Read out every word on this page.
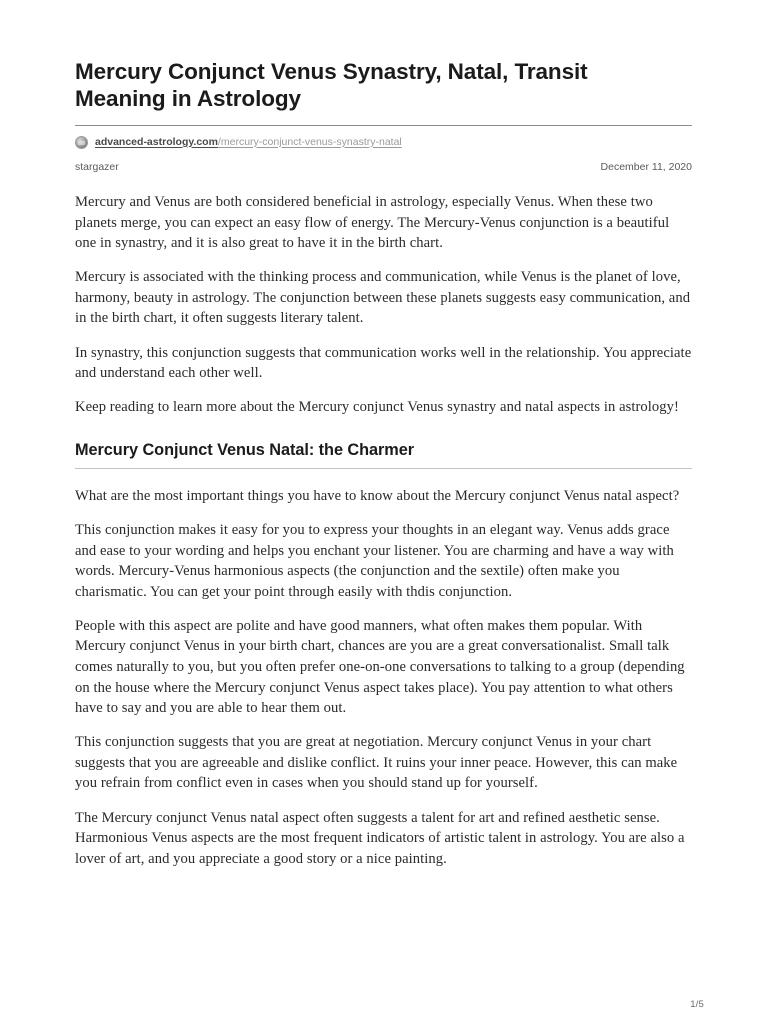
Mercury Conjunct Venus Synastry, Natal, Transit Meaning in Astrology
advanced-astrology.com/mercury-conjunct-venus-synastry-natal
stargazer	December 11, 2020

Mercury and Venus are both considered beneficial in astrology, especially Venus. When these two planets merge, you can expect an easy flow of energy. The Mercury-Venus conjunction is a beautiful one in synastry, and it is also great to have it in the birth chart.

Mercury is associated with the thinking process and communication, while Venus is the planet of love, harmony, beauty in astrology. The conjunction between these planets suggests easy communication, and in the birth chart, it often suggests literary talent.

In synastry, this conjunction suggests that communication works well in the relationship. You appreciate and understand each other well.

Keep reading to learn more about the Mercury conjunct Venus synastry and natal aspects in astrology!

Mercury Conjunct Venus Natal: the Charmer

What are the most important things you have to know about the Mercury conjunct Venus natal aspect?

This conjunction makes it easy for you to express your thoughts in an elegant way. Venus adds grace and ease to your wording and helps you enchant your listener. You are charming and have a way with words. Mercury-Venus harmonious aspects (the conjunction and the sextile) often make you charismatic. You can get your point through easily with thdis conjunction.

People with this aspect are polite and have good manners, what often makes them popular. With Mercury conjunct Venus in your birth chart, chances are you are a great conversationalist. Small talk comes naturally to you, but you often prefer one-on-one conversations to talking to a group (depending on the house where the Mercury conjunct Venus aspect takes place). You pay attention to what others have to say and you are able to hear them out.

This conjunction suggests that you are great at negotiation. Mercury conjunct Venus in your chart suggests that you are agreeable and dislike conflict. It ruins your inner peace. However, this can make you refrain from conflict even in cases when you should stand up for yourself.

The Mercury conjunct Venus natal aspect often suggests a talent for art and refined aesthetic sense. Harmonious Venus aspects are the most frequent indicators of artistic talent in astrology. You are also a lover of art, and you appreciate a good story or a nice painting.

1/5
